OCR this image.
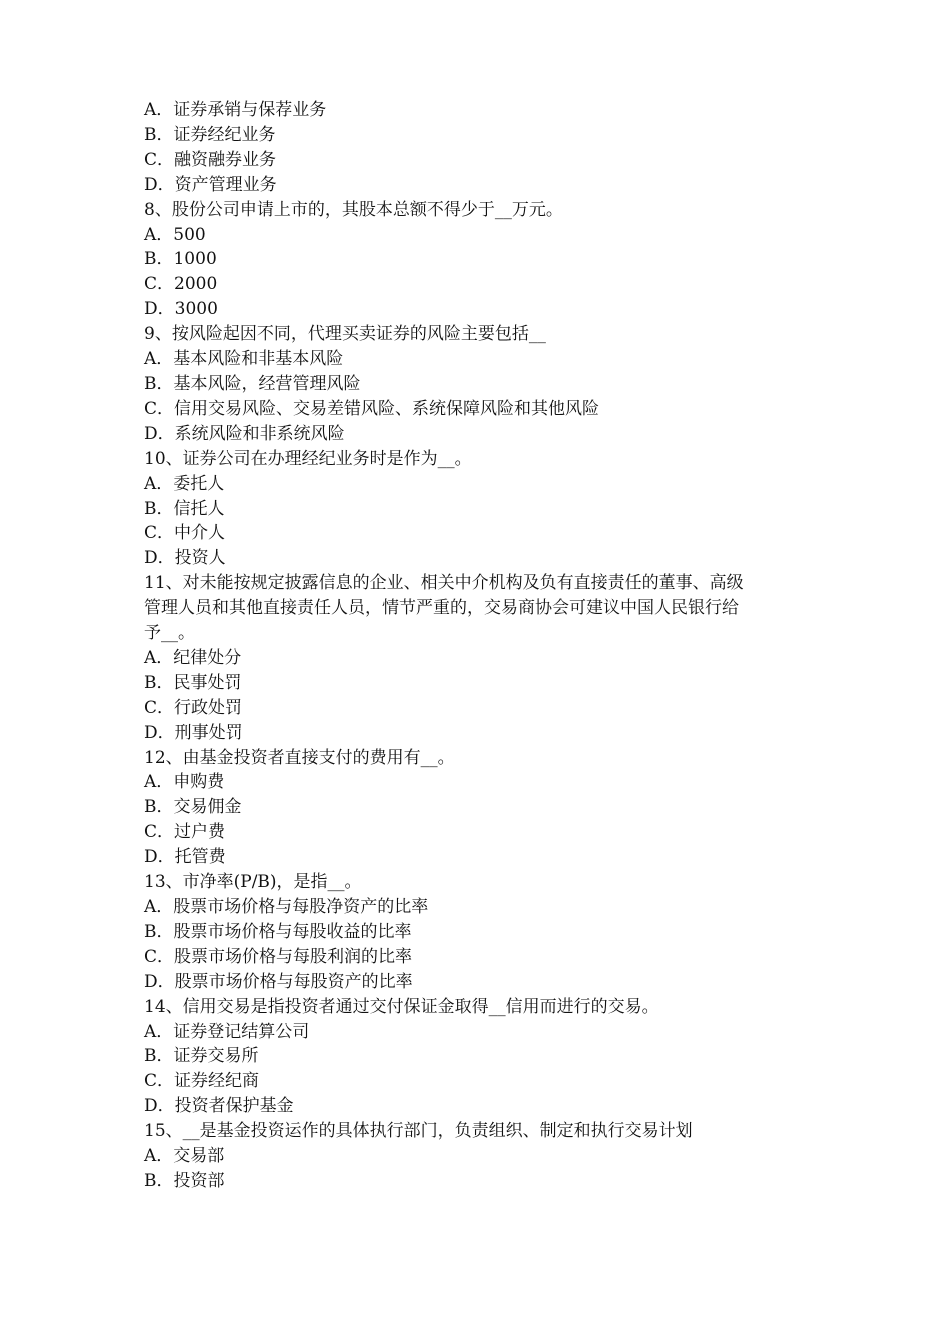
A．证券承销与保荐业务
B．证券经纪业务
C．融资融券业务
D．资产管理业务
8、股份公司申请上市的，其股本总额不得少于__万元。
A．500
B．1000
C．2000
D．3000
9、按风险起因不同，代理买卖证券的风险主要包括__
A．基本风险和非基本风险
B．基本风险，经营管理风险
C．信用交易风险、交易差错风险、系统保障风险和其他风险
D．系统风险和非系统风险
10、证券公司在办理经纪业务时是作为__。
A．委托人
B．信托人
C．中介人
D．投资人
11、对未能按规定披露信息的企业、相关中介机构及负有直接责任的董事、高级
管理人员和其他直接责任人员，情节严重的，交易商协会可建议中国人民银行给
予__。
A．纪律处分
B．民事处罚
C．行政处罚
D．刑事处罚
12、由基金投资者直接支付的费用有__。
A．申购费
B．交易佣金
C．过户费
D．托管费
13、市净率(P/B)，是指__。
A．股票市场价格与每股净资产的比率
B．股票市场价格与每股收益的比率
C．股票市场价格与每股利润的比率
D．股票市场价格与每股资产的比率
14、信用交易是指投资者通过交付保证金取得__信用而进行的交易。
A．证券登记结算公司
B．证券交易所
C．证券经纪商
D．投资者保护基金
15、__是基金投资运作的具体执行部门，负责组织、制定和执行交易计划
A．交易部
B．投资部
